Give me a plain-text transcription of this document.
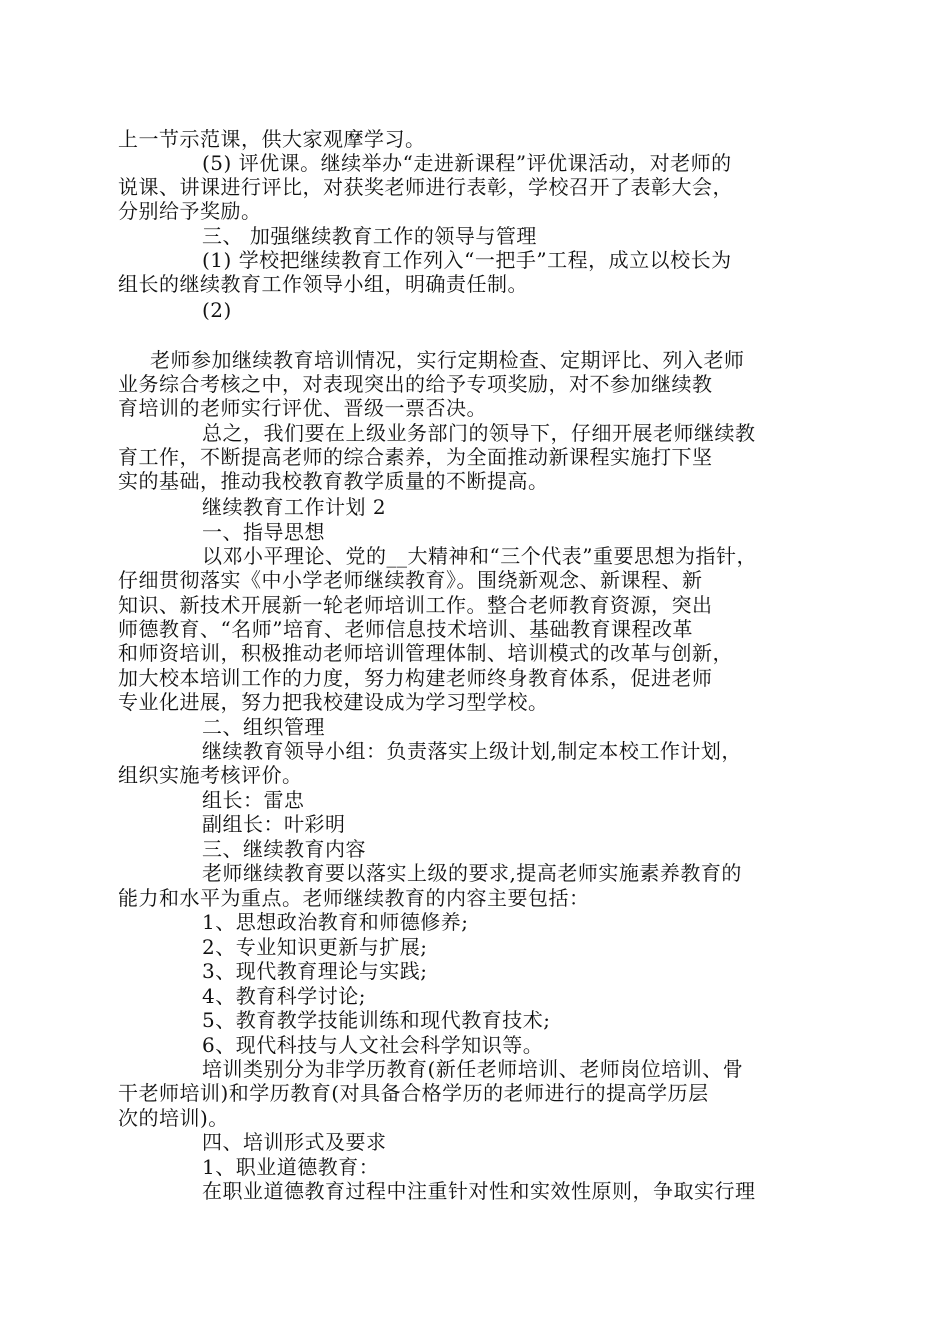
上一节示范课，供大家观摩学习。
(5) 评优课。继续举办“走进新课程”评优课活动，对老师的
说课、讲课进行评比，对获奖老师进行表彰，学校召开了表彰大会，
分别给予奖励。
三、 加强继续教育工作的领导与管理
(1) 学校把继续教育工作列入“一把手”工程，成立以校长为
组长的继续教育工作领导小组，明确责任制。
(2)
老师参加继续教育培训情况，实行定期检查、定期评比、列入老师
业务综合考核之中，对表现突出的给予专项奖励，对不参加继续教
育培训的老师实行评优、晋级一票否决。
总之，我们要在上级业务部门的领导下，仔细开展老师继续教
育工作，不断提高老师的综合素养，为全面推动新课程实施打下坚
实的基础，推动我校教育教学质量的不断提高。
继续教育工作计划 2
一、指导思想
以邓小平理论、党的__大精神和“三个代表”重要思想为指针，
仔细贯彻落实《中小学老师继续教育》。围绕新观念、新课程、新
知识、新技术开展新一轮老师培训工作。整合老师教育资源，突出
师德教育、“名师”培育、老师信息技术培训、基础教育课程改革
和师资培训，积极推动老师培训管理体制、培训模式的改革与创新，
加大校本培训工作的力度，努力构建老师终身教育体系，促进老师
专业化进展，努力把我校建设成为学习型学校。
二、组织管理
继续教育领导小组：负责落实上级计划,制定本校工作计划，
组织实施考核评价。
组长：雷忠
副组长：叶彩明
三、继续教育内容
老师继续教育要以落实上级的要求,提高老师实施素养教育的
能力和水平为重点。老师继续教育的内容主要包括：
1、思想政治教育和师德修养;
2、专业知识更新与扩展;
3、现代教育理论与实践;
4、教育科学讨论;
5、教育教学技能训练和现代教育技术;
6、现代科技与人文社会科学知识等。
培训类别分为非学历教育(新任老师培训、老师岗位培训、骨
干老师培训)和学历教育(对具备合格学历的老师进行的提高学历层
次的培训)。
四、培训形式及要求
1、职业道德教育：
在职业道德教育过程中注重针对性和实效性原则，争取实行理
